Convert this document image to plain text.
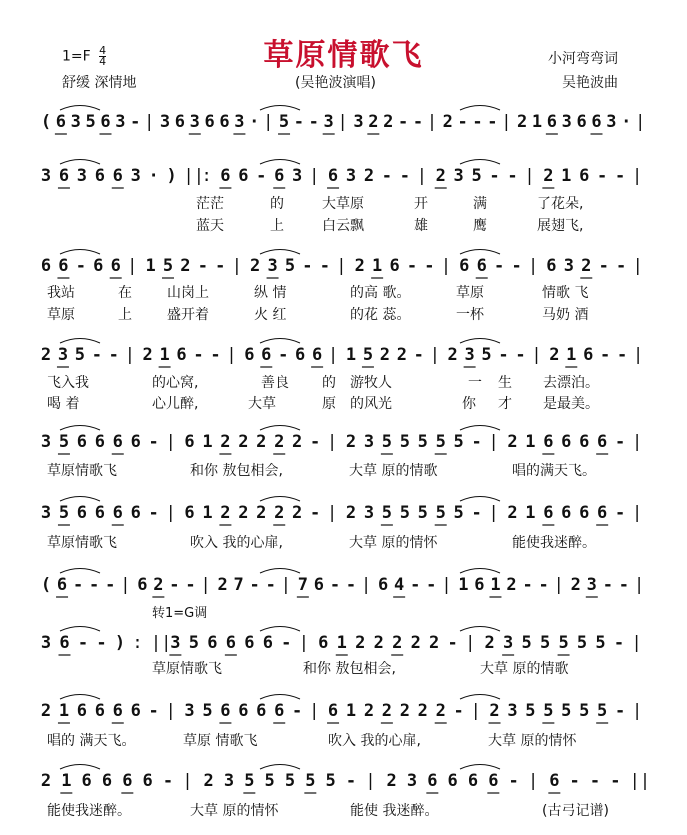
草原情歌飞
$1=F \frac{4}{4}$
舒缓 深情地	(吴艳波演唱)
小河弯弯词
吴艳波曲
( 6 3 5 6 3 - | 3 6 3 6 6 3 · | 5 - - 3 | 3 2 2 - - | 2 - - - | 2 1 6 3 6 6 3 · |
3 6 3 6 6 3 · ) ||
: 6 6 - 6 3 | 6 3 2 - - | 2 3 5 - - | 2 1 6 - - |
6 6 - 6 6 | 1 5 2 - - | 2 3 5 - - | 2 1 6 - - | 6 6 - - | 6 3 2 - - |
2 3 5 - - | 2 1 6 - - | 6 6 - 6 6 | 1 5 2 2 - | 2 3 5 - - | 2 1 6 - - |
3 5 6 6 6 6 - | 6 1 2 2 2 2 2 - | 2 3 5 5 5 5 5 - | 2 1 6 6 6 6 - |
3 5 6 6 6 6 - | 6 1 2 2 2 2 2 - | 2 3 5 5 5 5 5 - | 2 1 6 6 6 6 - |
( 6 - - - | 6 2 - - | 2 7 - - | 7 6 - - | 6 4 - - | 1 6 1 2 - - | 2 3 - - |
3 6 - - ) : ||
3 5 6 6 6 6 - | 6 1 2 2 2 2 2 - | 2 3 5 5 5 5 5 - |
2 1 6 6 6 6 - | 3 5 6 6 6 6 - | 6 1 2 2 2 2 2 - | 2 3 5 5 5 5 5 - |
2 1 6 6 6 6 - | 2 3 5 5 5 5 5 - | 2 3 6 6 6 6 - | 6 - - - ||
茫茫	的	大草原	开	满	了花朵,
蓝天	上	白云飘	雄	鹰	展翅飞,
我站	在	山岗上	纵 情	的高 歌。	草原	情歌 飞
草原	上	盛开着	火 红	的花 蕊。	一杯	马奶 酒
飞入我	的心窝,	善良 的 游牧人	一 生 去漂泊。
喝 着	心儿醉,	大草	原 的风光	你 才 是最美。
草原情歌飞	和你 敖包相会,	大草 原的情歌	唱的满天飞。
草原情歌飞	吹入 我的心扉,	大草 原的情怀	能使我迷醉。
草原情歌飞	和你 敖包相会,	大草 原的情歌
唱的 满天飞。	草原 情歌飞	吹入 我的心扉,	大草 原的情怀
能使我迷醉。	大草 原的情怀	能使 我迷醉。
转1=G调
(古弓记谱)
